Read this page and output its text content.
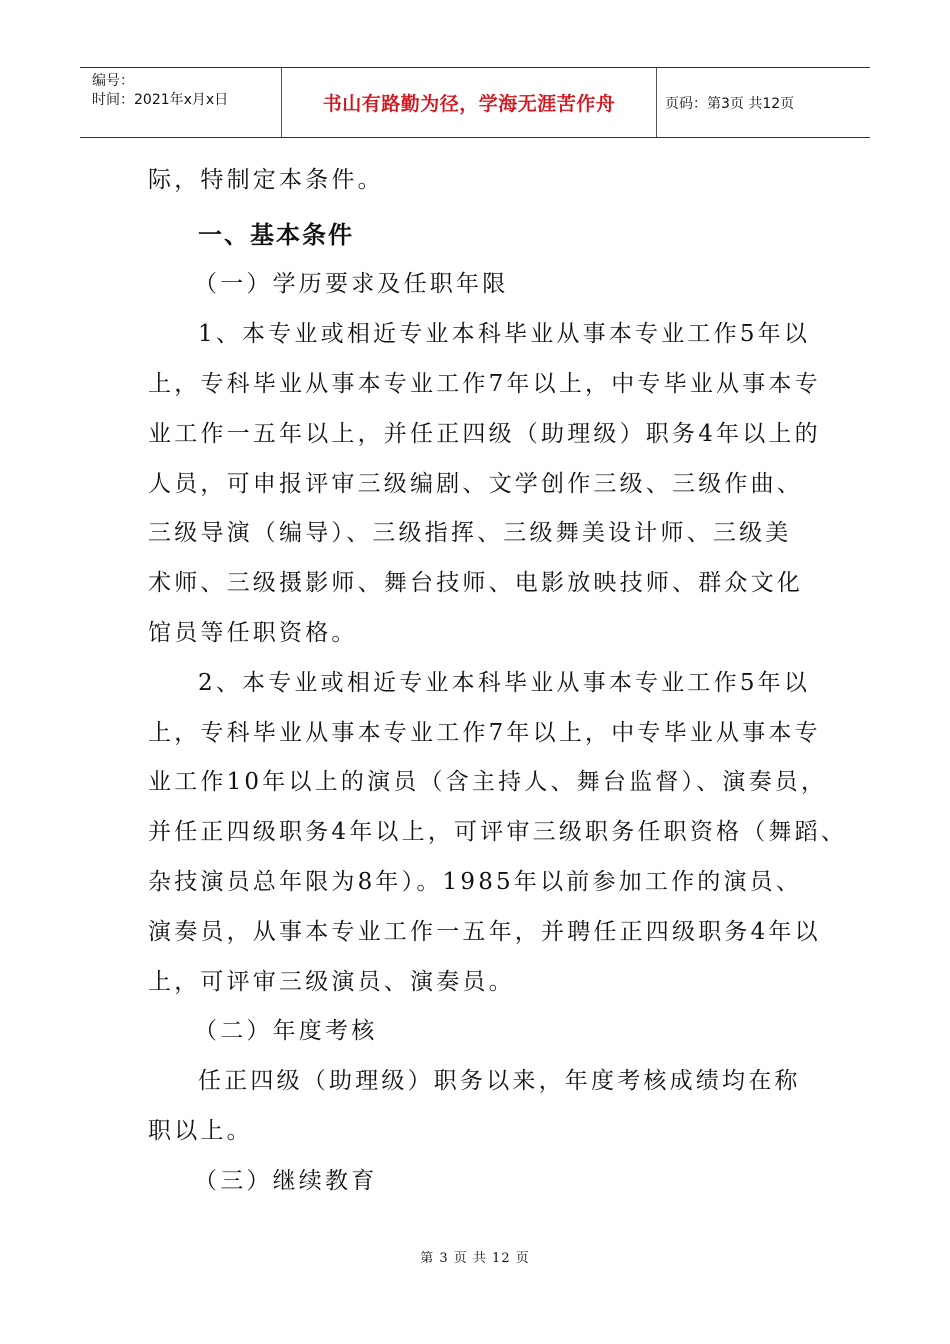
编号：
时间：2021年x月x日	书山有路勤为径，学海无涯苦作舟	页码：第3页 共12页
际，特制定本条件。
一、基本条件
（一）学历要求及任职年限
1、本专业或相近专业本科毕业从事本专业工作5年以
上，专科毕业从事本专业工作7年以上，中专毕业从事本专
业工作一五年以上，并任正四级（助理级）职务4年以上的
人员，可申报评审三级编剧、文学创作三级、三级作曲、
三级导演（编导）、三级指挥、三级舞美设计师、三级美
术师、三级摄影师、舞台技师、电影放映技师、群众文化
馆员等任职资格。
2、本专业或相近专业本科毕业从事本专业工作5年以
上，专科毕业从事本专业工作7年以上，中专毕业从事本专
业工作10年以上的演员（含主持人、舞台监督）、演奏员，
并任正四级职务4年以上，可评审三级职务任职资格（舞蹈、
杂技演员总年限为8年）。1985年以前参加工作的演员、
演奏员，从事本专业工作一五年，并聘任正四级职务4年以
上，可评审三级演员、演奏员。
（二）年度考核
任正四级（助理级）职务以来，年度考核成绩均在称
职以上。
（三）继续教育
第 3 页 共 12 页
